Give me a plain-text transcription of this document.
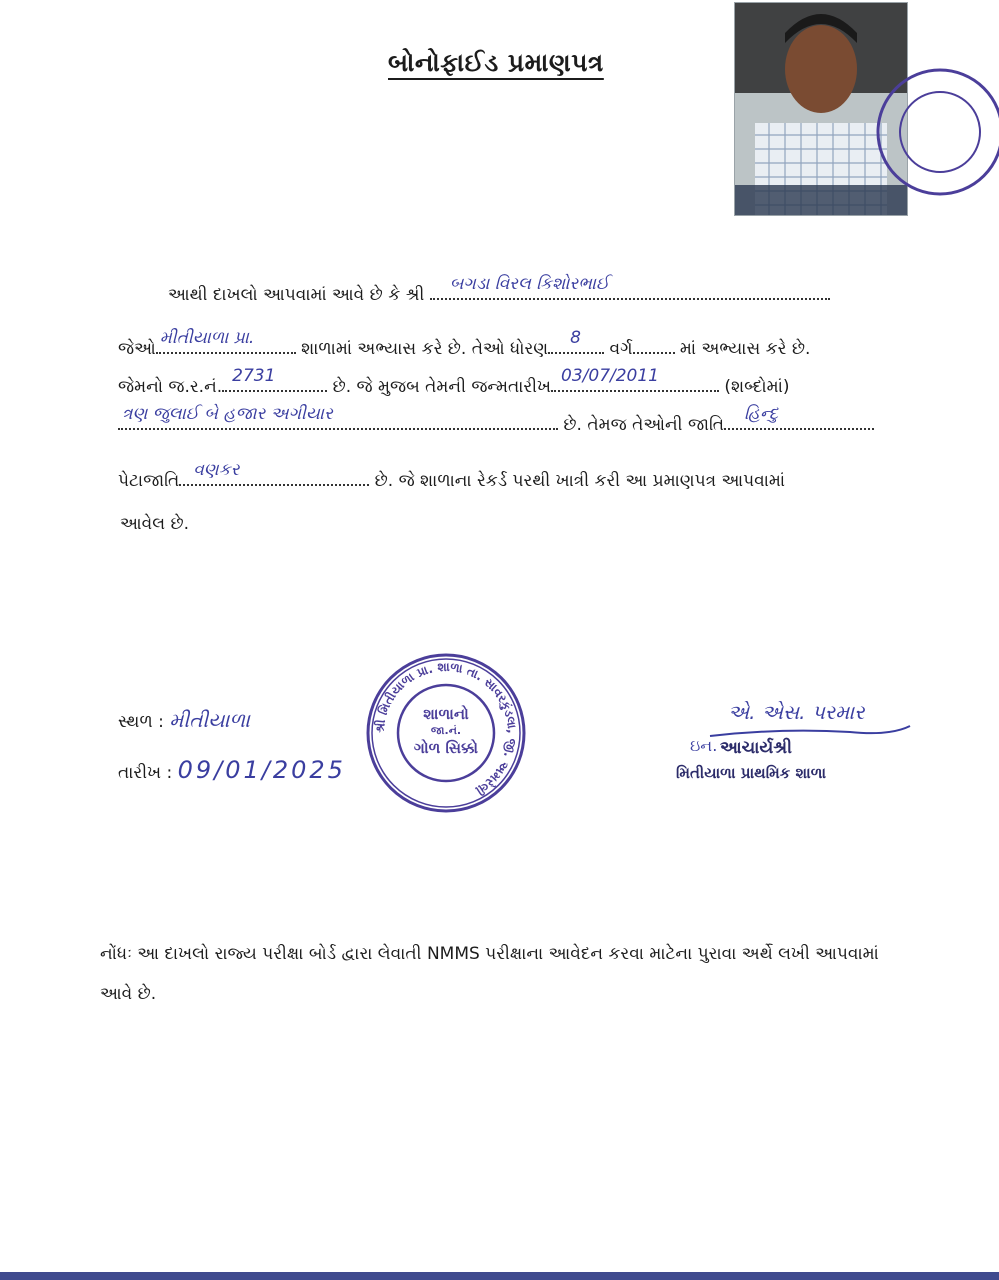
બોનોફાઈડ પ્રમાણપત્ર
આથી દાખલો આપવામાં આવે છે કે શ્રી
બગડા વિરલ કિશોરભાઈ
જેઓ
મીતીયાળા પ્રા.
શાળામાં અભ્યાસ કરે છે. તેઓ ધોરણ
8
વર્ગ	માં અભ્યાસ કરે છે.
જેમનો જ.ર.નં.
2731
છે. જે મુજબ તેમની જન્મતારીખ
03/07/2011
(શબ્દોમાં)
ત્રણ જુલાઈ બે હજાર અગીયાર
છે. તેમજ તેઓની જાતિ
હિન્દુ
પેટાજાતિ
વણકર
છે. જે શાળાના રેકર્ડ પરથી ખાત્રી કરી આ પ્રમાણપત્ર આપવામાં
આવેલ છે.
સ્થળ : મીતીયાળા
તારીખ : 09/01/2025
શ્રી મિતીયાળા પ્રા. શાળા તા. સાવરકુંડલા, જી. અમરેલી
શાળાનો
જા.નં.
ગોળ સિક્કો
એ. એસ. પરમાર
ઇન. આચાર્યશ્રી
મિતીયાળા પ્રાથમિક શાળા
નોંધઃ આ દાખલો રાજ્ય પરીક્ષા બોર્ડ દ્વારા લેવાતી NMMS પરીક્ષાના આવેદન કરવા માટેના પુરાવા અર્થે લખી આપવામાં આવે છે.
